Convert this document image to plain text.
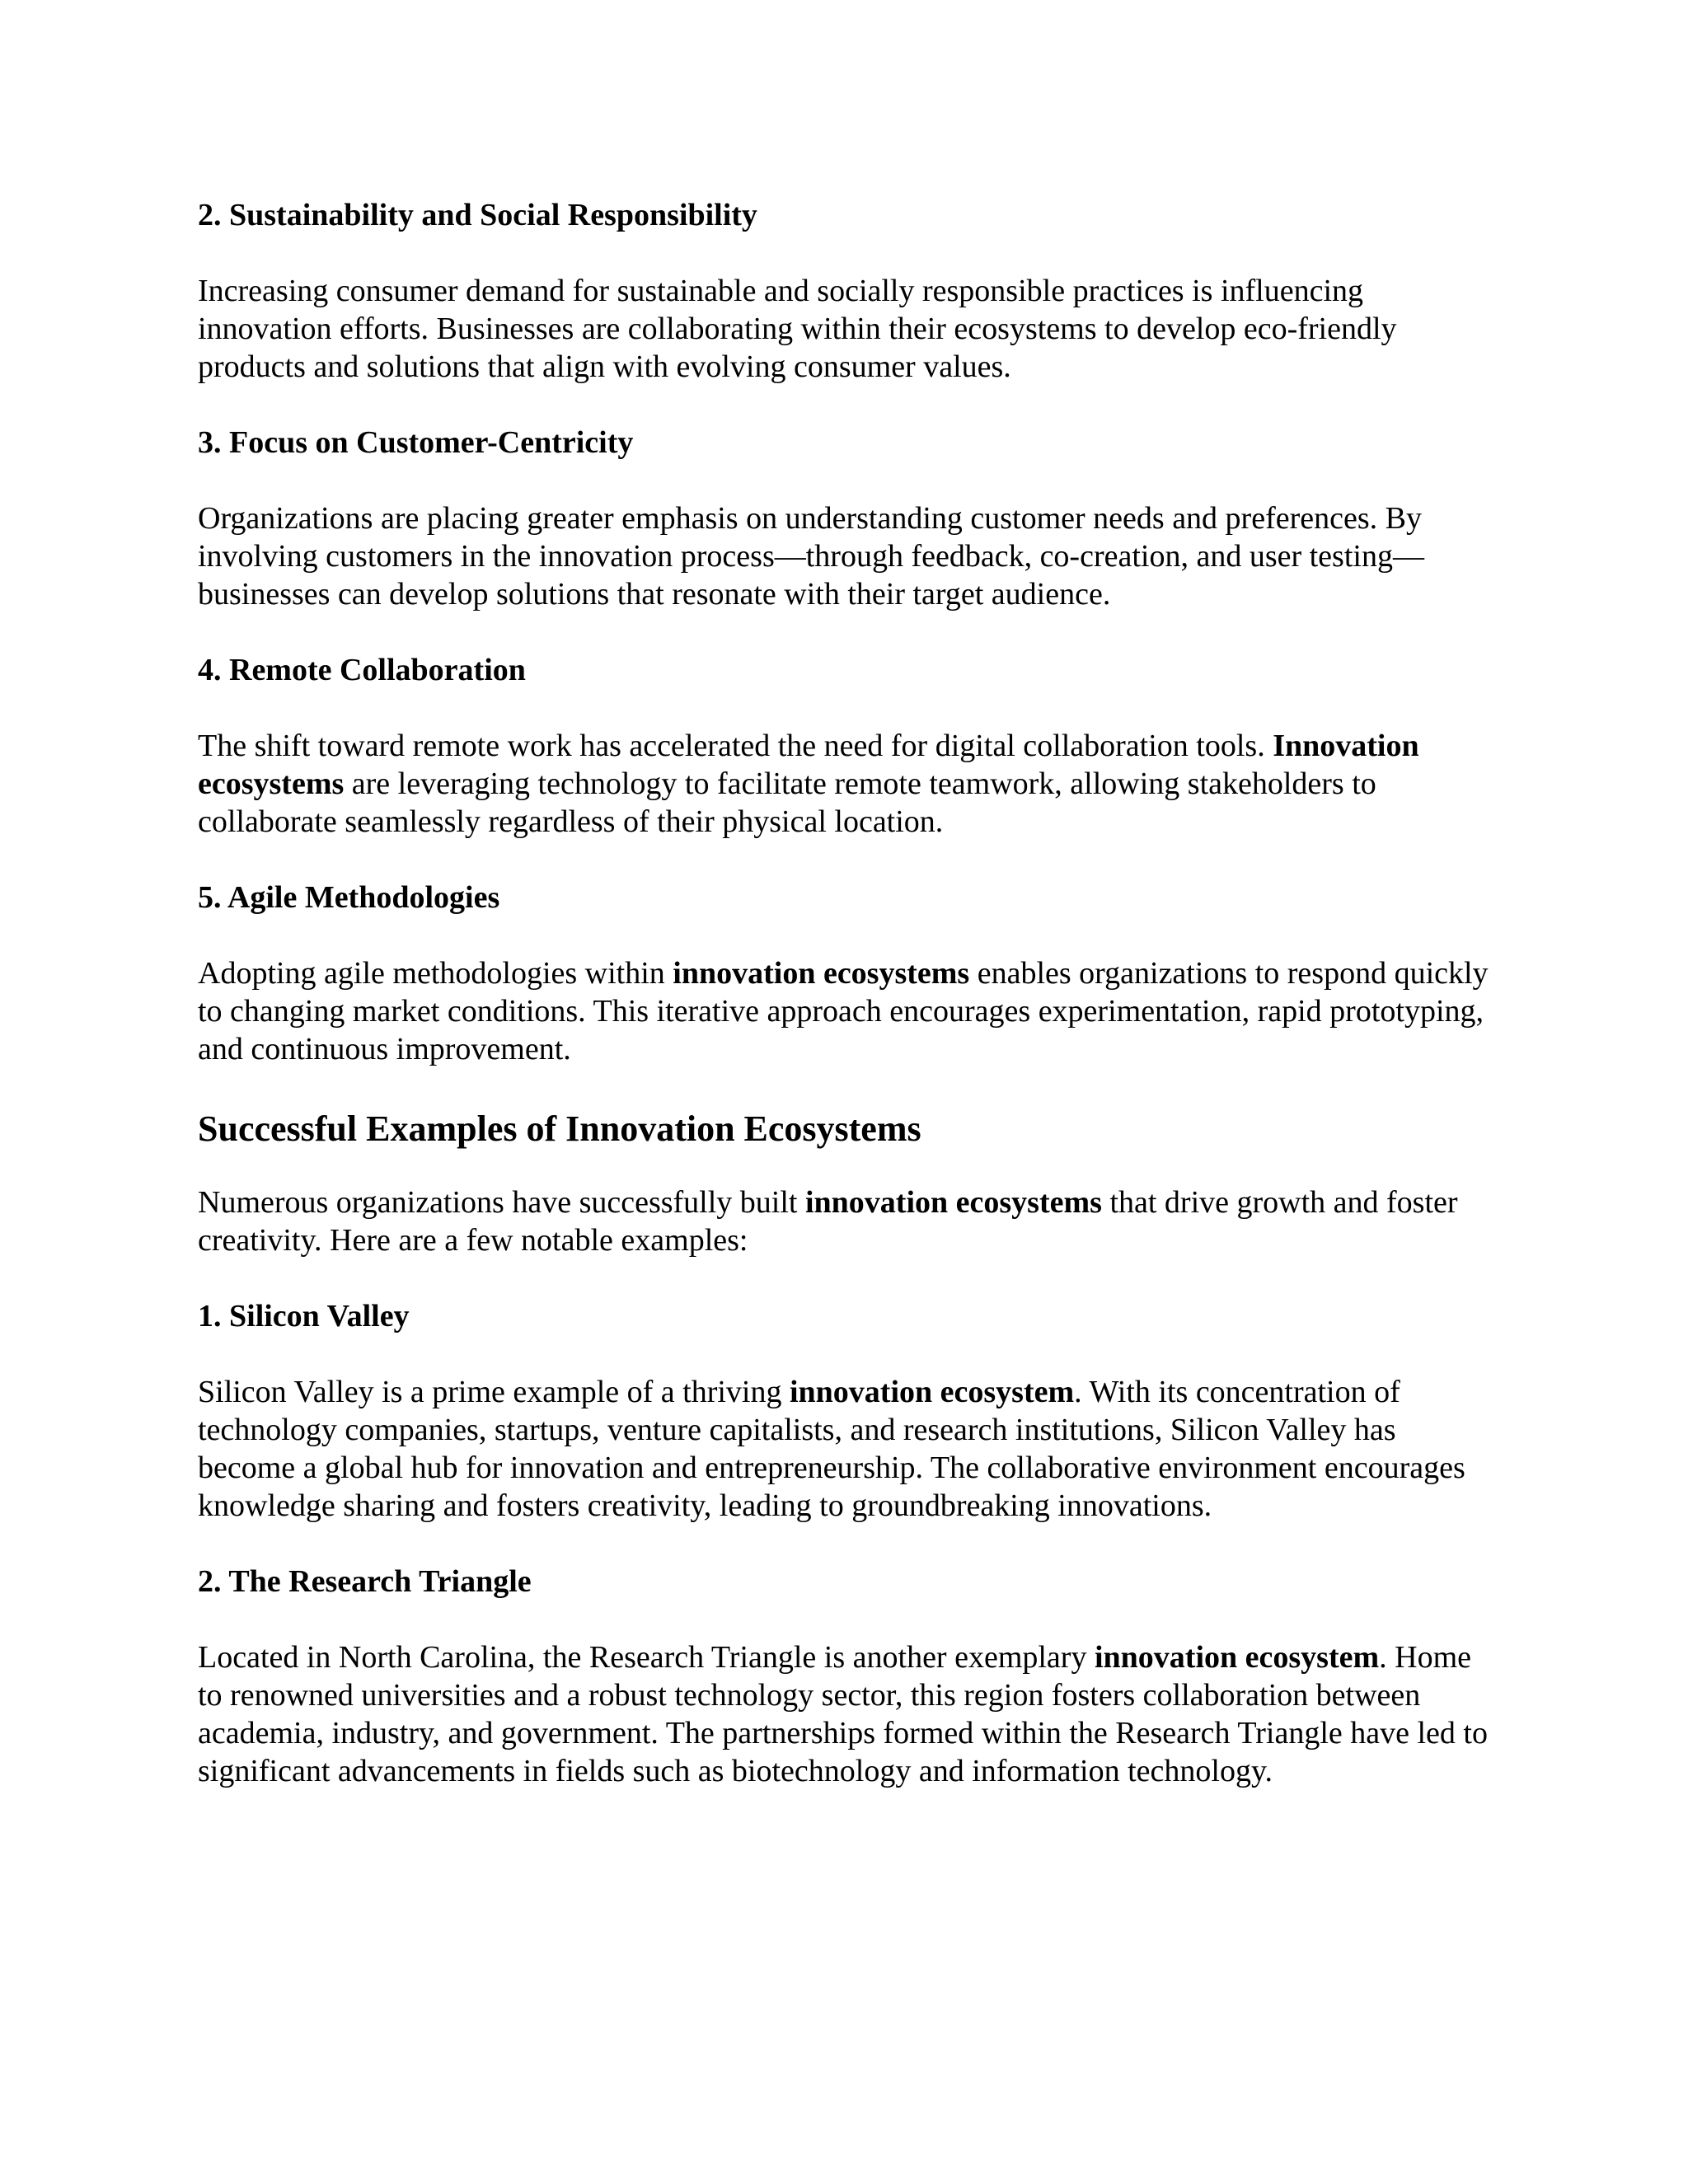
2. Sustainability and Social Responsibility

Increasing consumer demand for sustainable and socially responsible practices is influencing innovation efforts. Businesses are collaborating within their ecosystems to develop eco-friendly products and solutions that align with evolving consumer values.

3. Focus on Customer-Centricity

Organizations are placing greater emphasis on understanding customer needs and preferences. By involving customers in the innovation process—through feedback, co-creation, and user testing—businesses can develop solutions that resonate with their target audience.

4. Remote Collaboration

The shift toward remote work has accelerated the need for digital collaboration tools. Innovation ecosystems are leveraging technology to facilitate remote teamwork, allowing stakeholders to collaborate seamlessly regardless of their physical location.

5. Agile Methodologies

Adopting agile methodologies within innovation ecosystems enables organizations to respond quickly to changing market conditions. This iterative approach encourages experimentation, rapid prototyping, and continuous improvement.

Successful Examples of Innovation Ecosystems

Numerous organizations have successfully built innovation ecosystems that drive growth and foster creativity. Here are a few notable examples:

1. Silicon Valley

Silicon Valley is a prime example of a thriving innovation ecosystem. With its concentration of technology companies, startups, venture capitalists, and research institutions, Silicon Valley has become a global hub for innovation and entrepreneurship. The collaborative environment encourages knowledge sharing and fosters creativity, leading to groundbreaking innovations.

2. The Research Triangle

Located in North Carolina, the Research Triangle is another exemplary innovation ecosystem. Home to renowned universities and a robust technology sector, this region fosters collaboration between academia, industry, and government. The partnerships formed within the Research Triangle have led to significant advancements in fields such as biotechnology and information technology.
